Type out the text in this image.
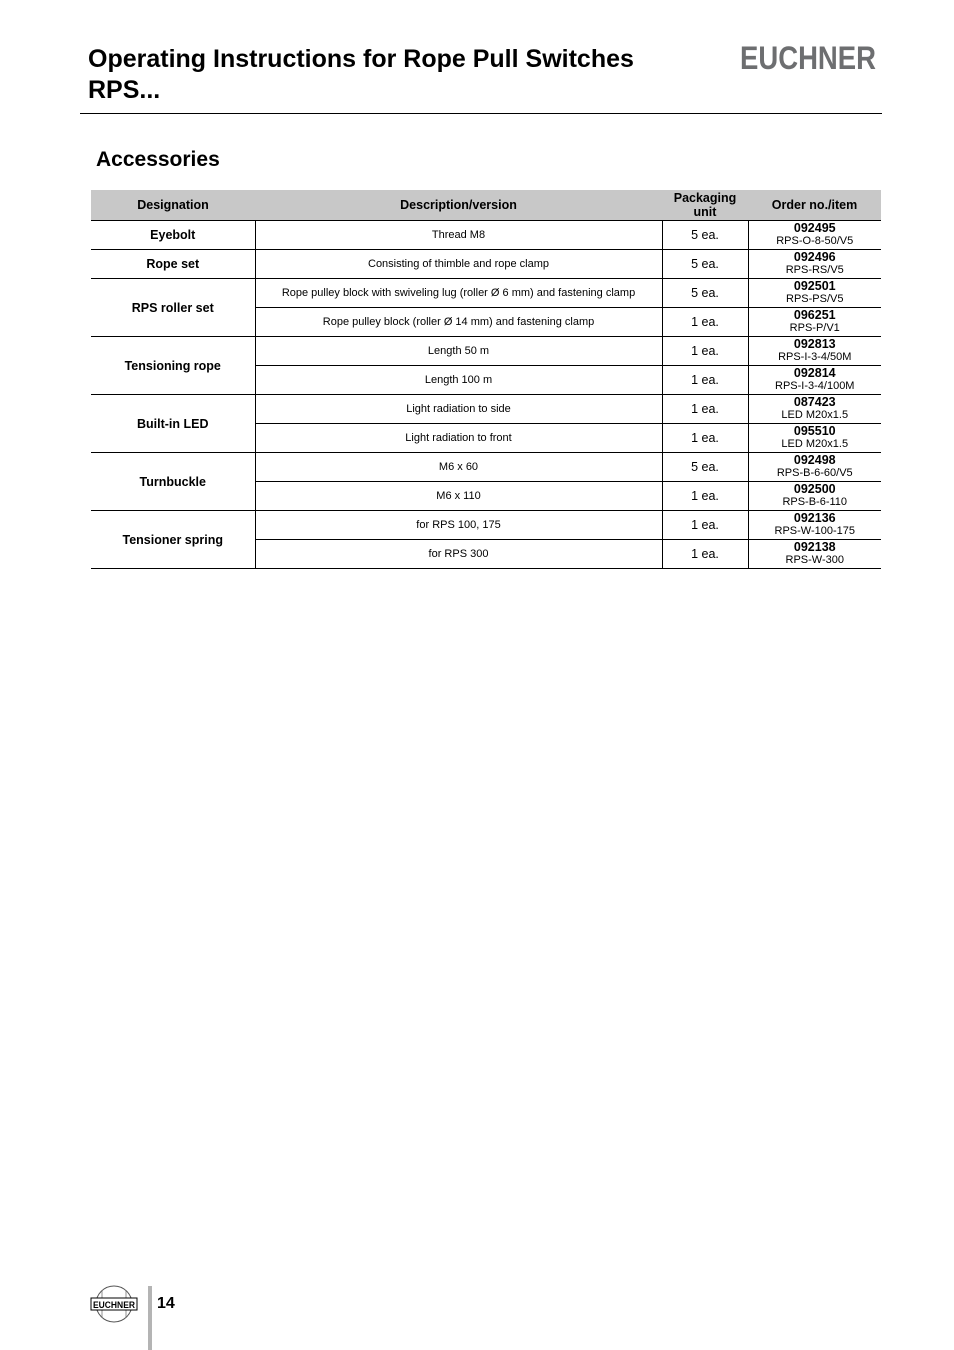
Operating Instructions for Rope Pull Switches
RPS...
EUCHNER
Accessories
Designation	Description/version	Packaging unit	Order no./item
Eyebolt	Thread M8	5 ea.	092495
RPS-O-8-50/V5

Rope set	Consisting of thimble and rope clamp	5 ea.	092496
RPS-RS/V5

RPS roller set	Rope pulley block with swiveling lug (roller Ø 6 mm) and fastening clamp	5 ea.	092501
RPS-PS/V5

	Rope pulley block (roller Ø 14 mm) and fastening clamp	1 ea.	096251
RPS-P/V1

Tensioning rope	Length 50 m	1 ea.	092813
RPS-I-3-4/50M

	Length 100 m	1 ea.	092814
RPS-I-3-4/100M

Built-in LED	Light radiation to side	1 ea.	087423
LED M20x1.5

	Light radiation to front	1 ea.	095510
LED M20x1.5

Turnbuckle	M6 x 60	5 ea.	092498
RPS-B-6-60/V5

	M6 x 110	1 ea.	092500
RPS-B-6-110

Tensioner spring	for RPS 100, 175	1 ea.	092136
RPS-W-100-175

	for RPS 300	1 ea.	092138
RPS-W-300
EUCHNER 14
